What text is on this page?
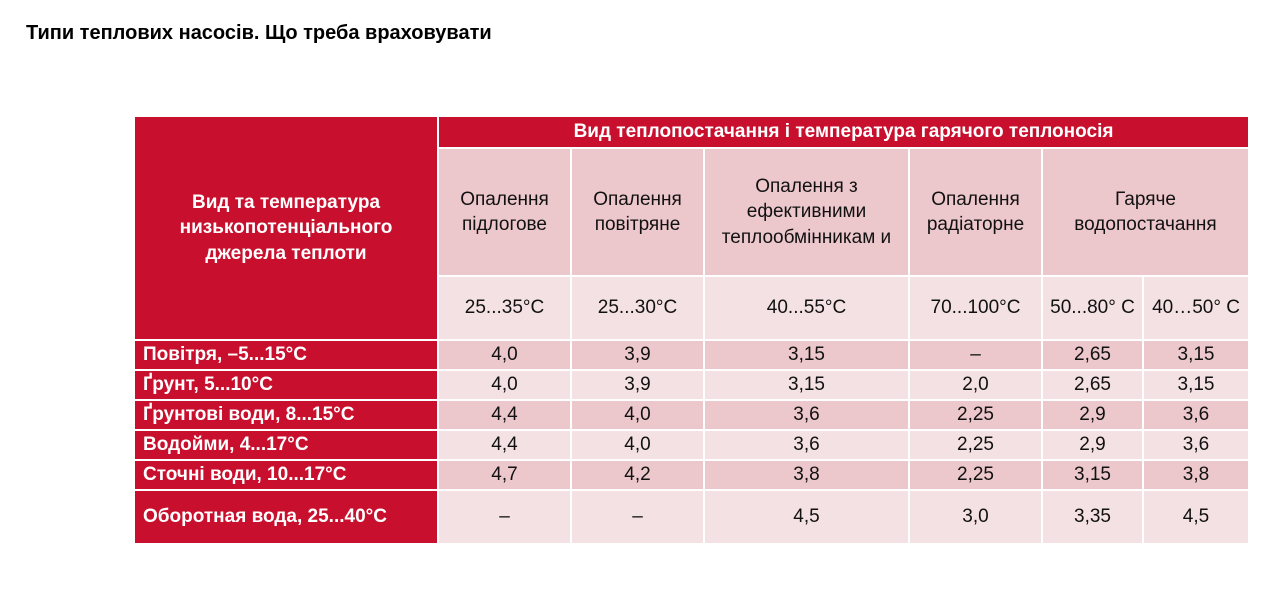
Типи теплових насосів. Що треба враховувати
Вид та температура низькопотенціального джерела теплоти	Вид теплопостачання і температура гарячого теплоносія					
	Опалення підлогове	Опалення повітряне	Опалення з ефективними теплообмінникам и	Опалення радіаторне	Гаряче водопостачання	
	25...35°C	25...30°C	40...55°C	70...100°C	50...80° С	40…50° С
Повітря, –5...15°C	4,0	3,9	3,15	–	2,65	3,15
Ґрунт, 5...10°C	4,0	3,9	3,15	2,0	2,65	3,15
Ґрунтові води, 8...15°C	4,4	4,0	3,6	2,25	2,9	3,6
Водойми, 4...17°C	4,4	4,0	3,6	2,25	2,9	3,6
Сточні води, 10...17°C	4,7	4,2	3,8	2,25	3,15	3,8
Оборотная вода, 25...40°C	–	–	4,5	3,0	3,35	4,5
